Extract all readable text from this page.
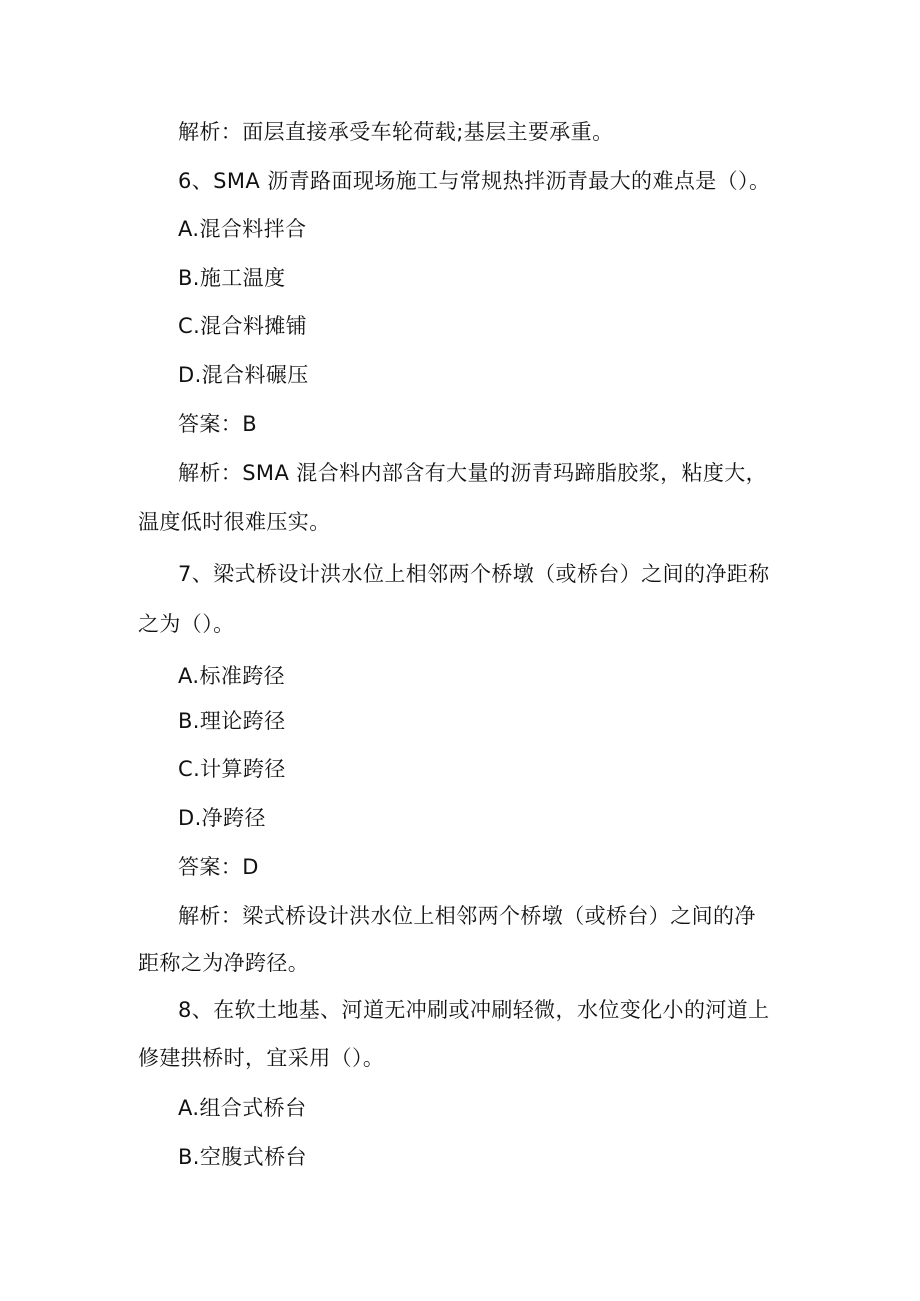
解析：面层直接承受车轮荷载;基层主要承重。
6、SMA 沥青路面现场施工与常规热拌沥青最大的难点是（）。
A.混合料拌合
B.施工温度
C.混合料摊铺
D.混合料碾压
答案：B
解析：SMA 混合料内部含有大量的沥青玛蹄脂胶浆，粘度大，
温度低时很难压实。
7、梁式桥设计洪水位上相邻两个桥墩（或桥台）之间的净距称
之为（）。
A.标准跨径
B.理论跨径
C.计算跨径
D.净跨径
答案：D
解析：梁式桥设计洪水位上相邻两个桥墩（或桥台）之间的净
距称之为净跨径。
8、在软土地基、河道无冲刷或冲刷轻微，水位变化小的河道上
修建拱桥时，宜采用（）。
A.组合式桥台
B.空腹式桥台
